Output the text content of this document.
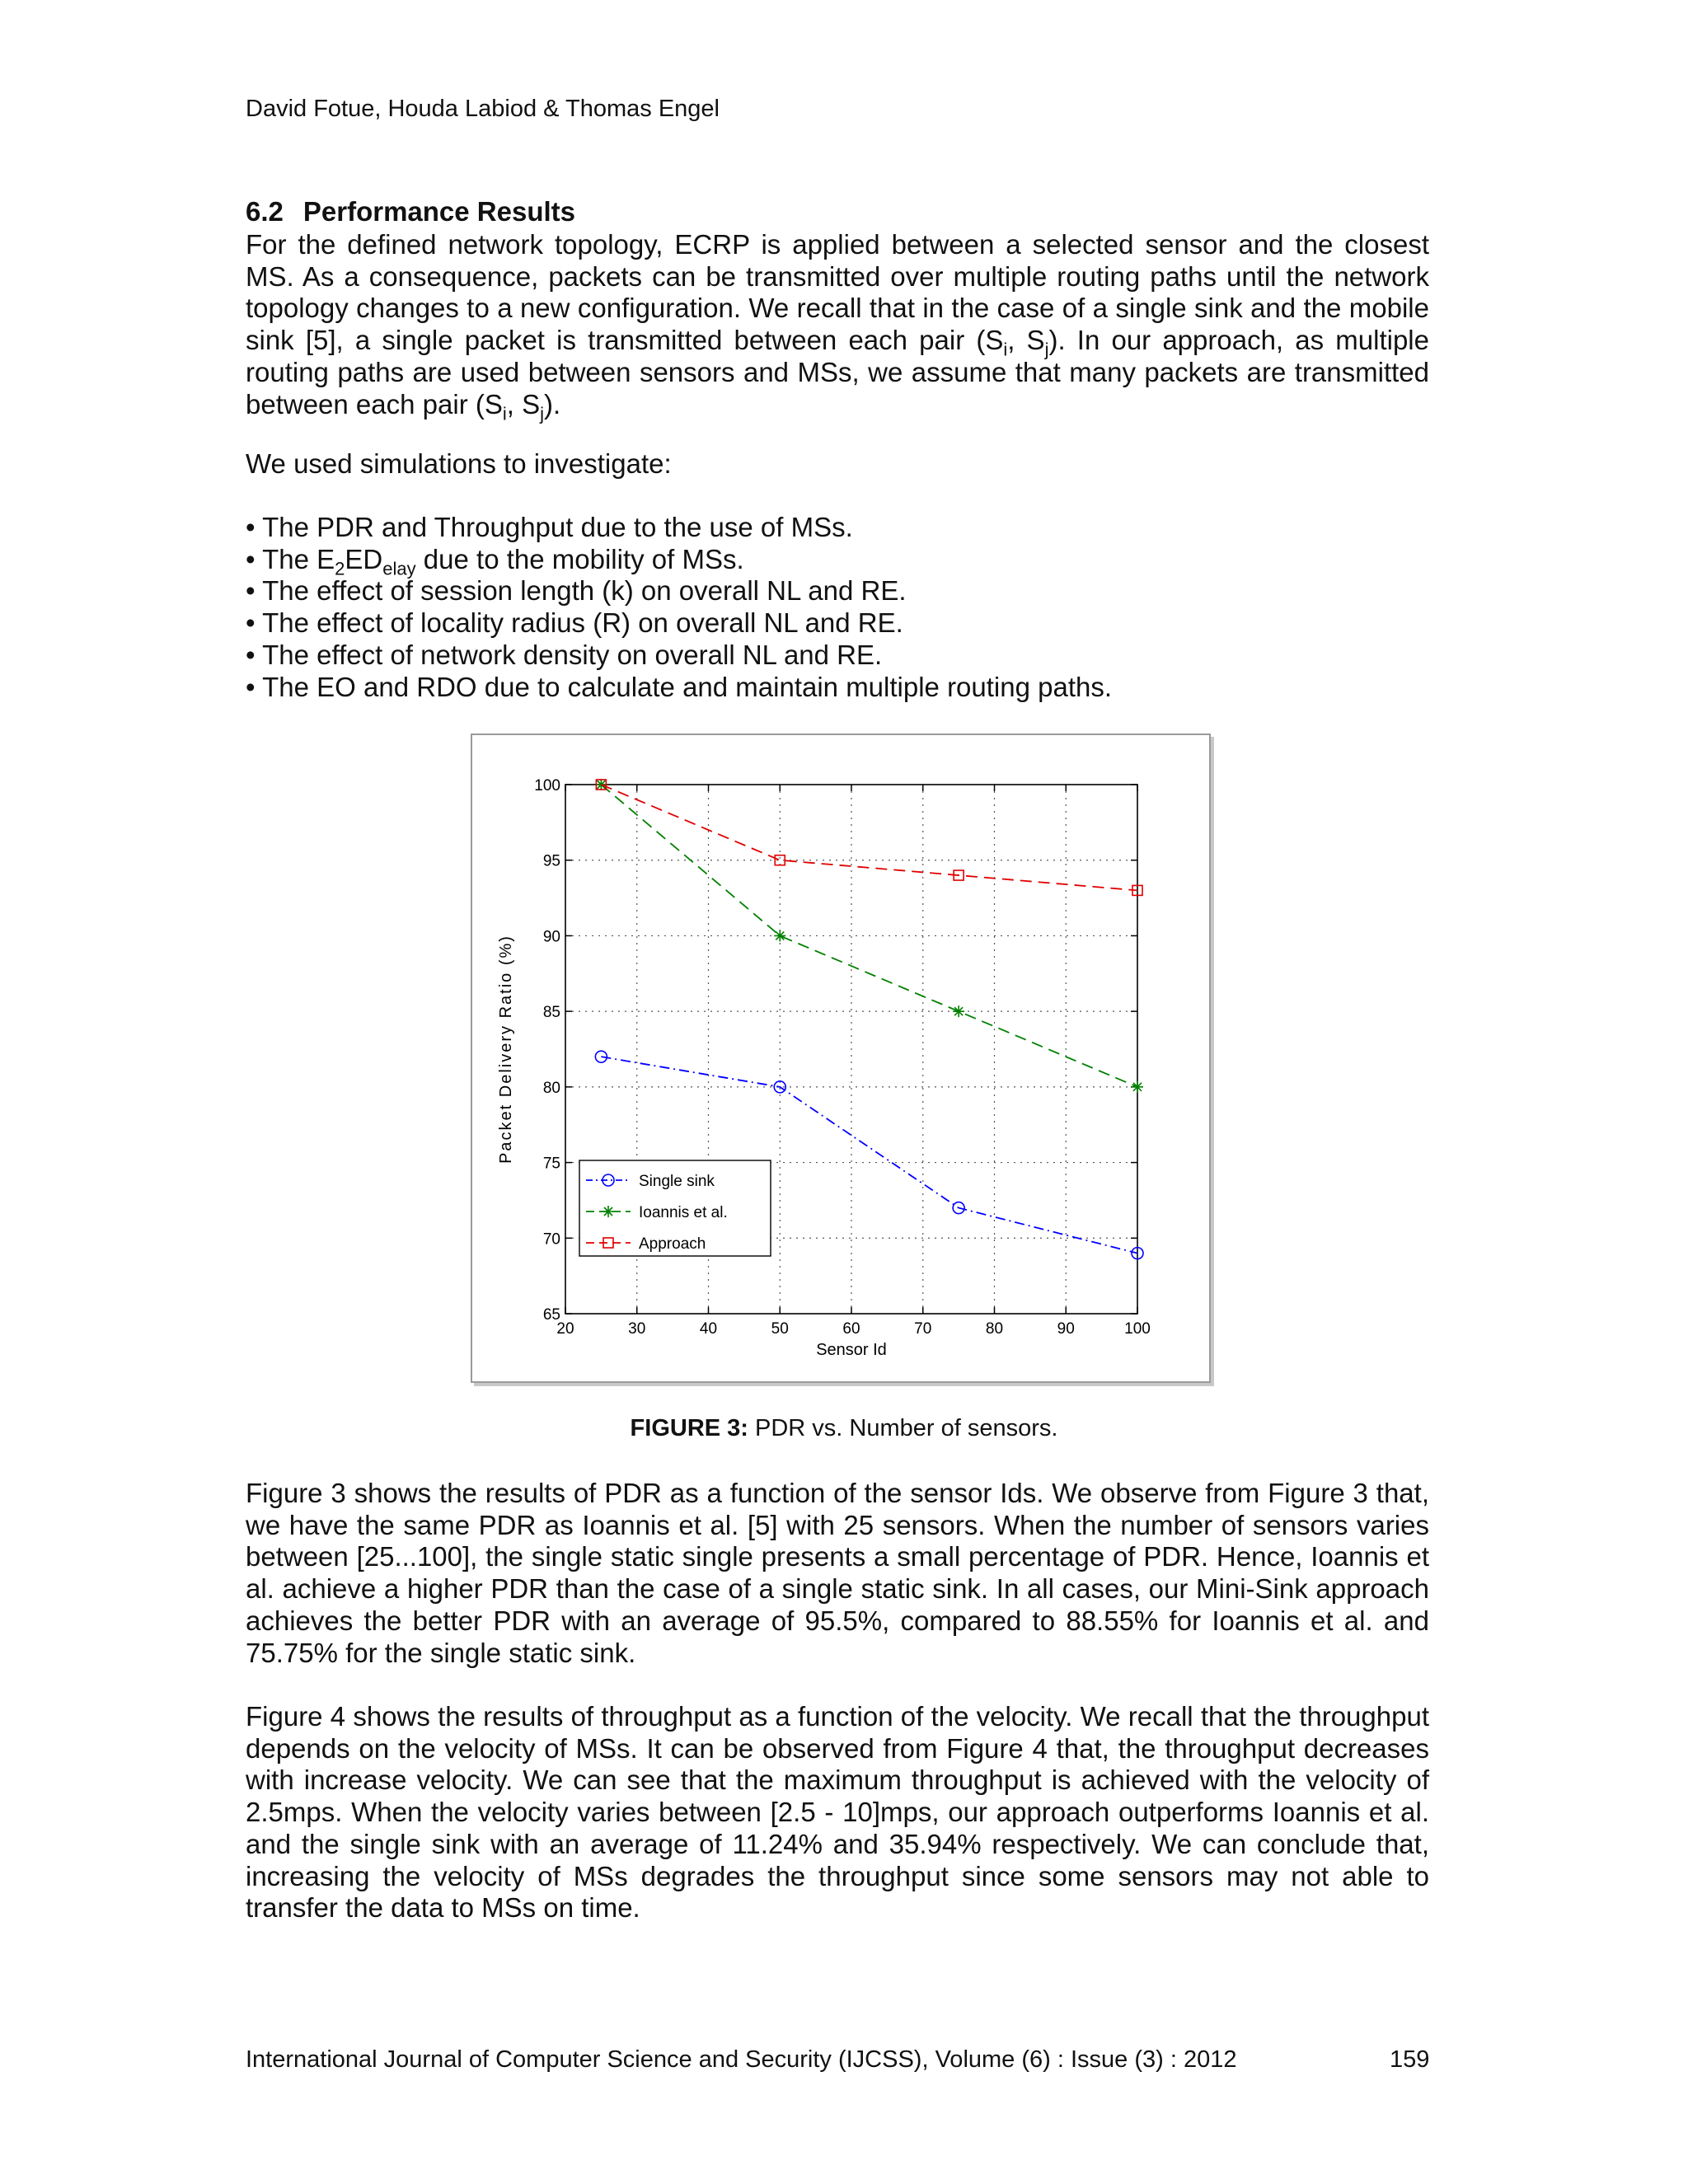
David Fotue, Houda Labiod & Thomas Engel
6.2 Performance Results
For the defined network topology, ECRP is applied between a selected sensor and the closest MS. As a consequence, packets can be transmitted over multiple routing paths until the network topology changes to a new configuration. We recall that in the case of a single sink and the mobile sink [5], a single packet is transmitted between each pair ($S_i$, $S_j$). In our approach, as multiple routing paths are used between sensors and MSs, we assume that many packets are transmitted between each pair ($S_i$, $S_j$).
We used simulations to investigate:
• The PDR and Throughput due to the use of MSs.
• The $E_2ED_{elay}$ due to the mobility of MSs.
• The effect of session length (k) on overall NL and RE.
• The effect of locality radius (R) on overall NL and RE.
• The effect of network density on overall NL and RE.
• The EO and RDO due to calculate and maintain multiple routing paths.
20	30	40	50	60	70	80	90	100
65
70
75
80
85
90
95
100
Sensor Id
Packet Delivery Ratio (%)
Single sink
Ioannis et al.
Approach
FIGURE 3: PDR vs. Number of sensors.
Figure 3 shows the results of PDR as a function of the sensor Ids. We observe from Figure 3 that, we have the same PDR as Ioannis et al. [5] with 25 sensors. When the number of sensors varies between [25...100], the single static single presents a small percentage of PDR. Hence, Ioannis et al. achieve a higher PDR than the case of a single static sink. In all cases, our Mini-Sink approach achieves the better PDR with an average of 95.5%, compared to 88.55% for Ioannis et al. and 75.75% for the single static sink.
Figure 4 shows the results of throughput as a function of the velocity. We recall that the throughput depends on the velocity of MSs. It can be observed from Figure 4 that, the throughput decreases with increase velocity. We can see that the maximum throughput is achieved with the velocity of 2.5mps. When the velocity varies between [2.5 - 10]mps, our approach outperforms Ioannis et al. and the single sink with an average of 11.24% and 35.94% respectively. We can conclude that, increasing the velocity of MSs degrades the throughput since some sensors may not able to transfer the data to MSs on time.
International Journal of Computer Science and Security (IJCSS), Volume (6) : Issue (3) : 2012	159
